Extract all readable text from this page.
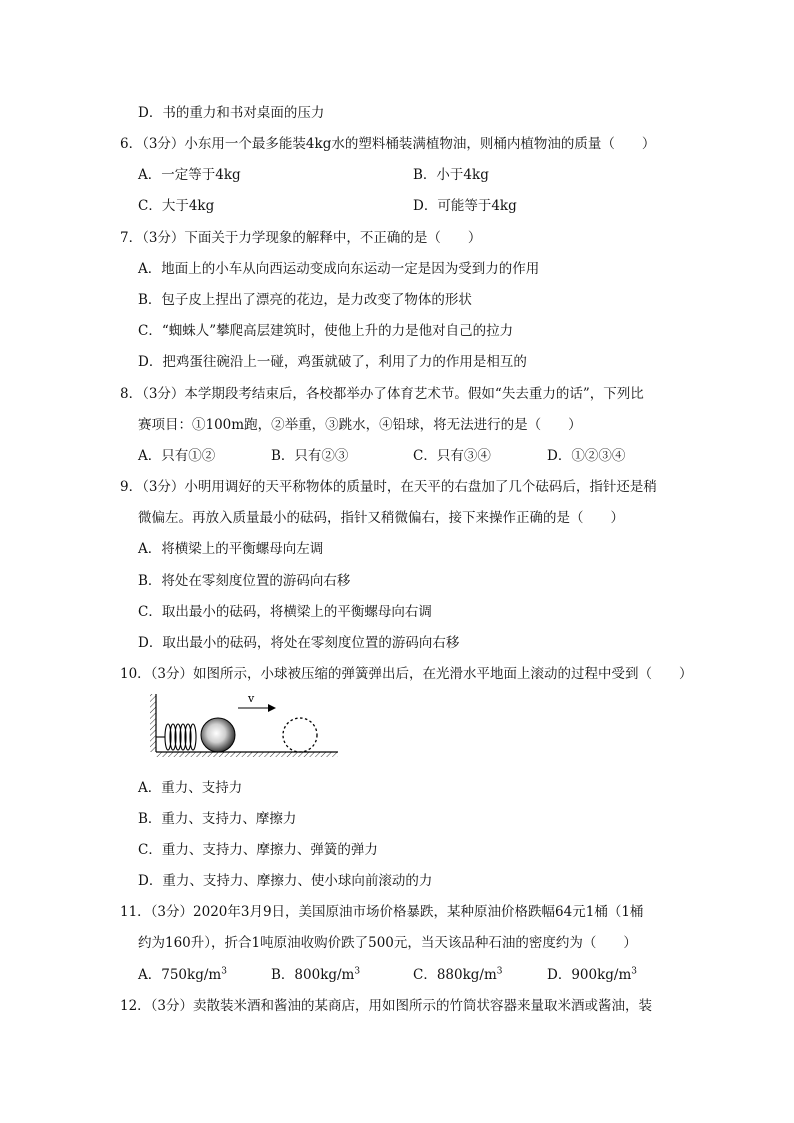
D．书的重力和书对桌面的压力
6．（3分）小东用一个最多能装4kg水的塑料桶装满植物油，则桶内植物油的质量（　　）
A．一定等于4kg	B．小于4kg
C．大于4kg	D．可能等于4kg
7．（3分）下面关于力学现象的解释中，不正确的是（　　）
A．地面上的小车从向西运动变成向东运动一定是因为受到力的作用
B．包子皮上捏出了漂亮的花边，是力改变了物体的形状
C．“蜘蛛人”攀爬高层建筑时，使他上升的力是他对自己的拉力
D．把鸡蛋往碗沿上一碰，鸡蛋就破了，利用了力的作用是相互的
8．（3分）本学期段考结束后，各校都举办了体育艺术节。假如“失去重力的话”，下列比
赛项目：①100m跑，②举重，③跳水，④铅球，将无法进行的是（　　）
A．只有①②	B．只有②③	C．只有③④	D．①②③④
9．（3分）小明用调好的天平称物体的质量时，在天平的右盘加了几个砝码后，指针还是稍
微偏左。再放入质量最小的砝码，指针又稍微偏右，接下来操作正确的是（　　）
A．将横梁上的平衡螺母向左调
B．将处在零刻度位置的游码向右移
C．取出最小的砝码，将横梁上的平衡螺母向右调
D．取出最小的砝码，将处在零刻度位置的游码向右移
10．（3分）如图所示，小球被压缩的弹簧弹出后，在光滑水平地面上滚动的过程中受到（　　）
v
A．重力、支持力
B．重力、支持力、摩擦力
C．重力、支持力、摩擦力、弹簧的弹力
D．重力、支持力、摩擦力、使小球向前滚动的力
11．（3分）2020年3月9日，美国原油市场价格暴跌，某种原油价格跌幅64元1桶（1桶
约为160升），折合1吨原油收购价跌了500元，当天该品种石油的密度约为（　　）
A．$750kg/m^3$	B．$800kg/m^3$	C．$880kg/m^3$	D．$900kg/m^3$
12．（3分）卖散装米酒和酱油的某商店，用如图所示的竹筒状容器来量取米酒或酱油，装
